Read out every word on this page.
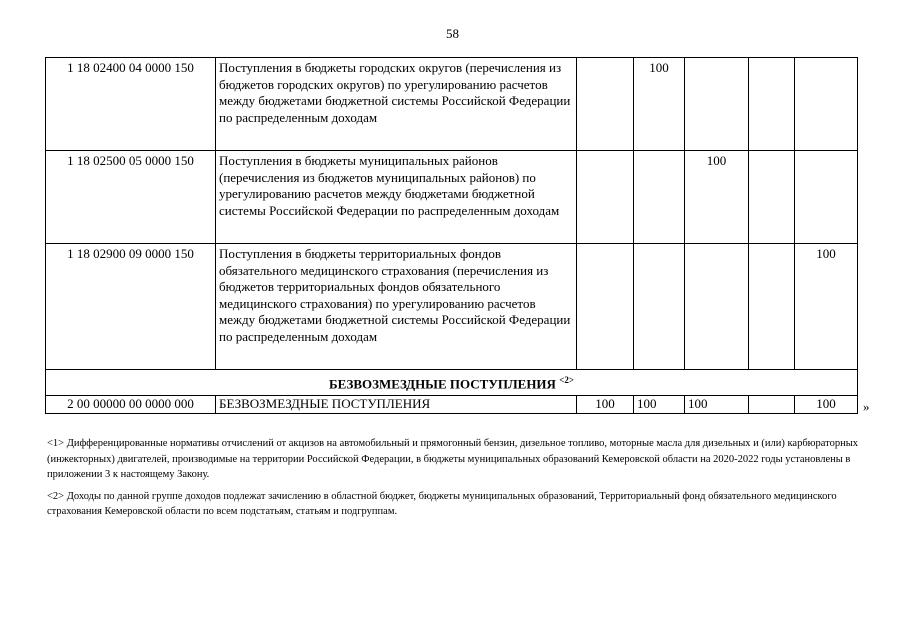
58
1 18 02400 04 0000 150	Поступления в бюджеты городских округов (перечисления из бюджетов городских округов) по урегулированию расчетов между бюджетами бюджетной системы Российской Федерации по распределенным доходам		100			
1 18 02500 05 0000 150	Поступления в бюджеты муниципальных районов (перечисления из бюджетов муниципальных районов) по урегулированию расчетов между бюджетами бюджетной системы Российской Федерации по распределенным доходам			100		
1 18 02900 09 0000 150	Поступления в бюджеты территориальных фондов обязательного медицинского страхования (перечисления из бюджетов территориальных фондов обязательного медицинского страхования) по урегулированию расчетов между бюджетами бюджетной системы Российской Федерации по распределенным доходам					100
БЕЗВОЗМЕЗДНЫЕ ПОСТУПЛЕНИЯ $^{<2>}$
2 00 00000 00 0000 000	БЕЗВОЗМЕЗДНЫЕ ПОСТУПЛЕНИЯ	100	100	100		100 »

<1> Дифференцированные нормативы отчислений от акцизов на автомобильный и прямогонный бензин, дизельное топливо, моторные масла для дизельных и (или) карбюраторных (инжекторных) двигателей, производимые на территории Российской Федерации, в бюджеты муниципальных образований Кемеровской области на 2020-2022 годы установлены в приложении 3 к настоящему Закону.

<2> Доходы по данной группе доходов подлежат зачислению в областной бюджет, бюджеты муниципальных образований, Территориальный фонд обязательного медицинского страхования Кемеровской области по всем подстатьям, статьям и подгруппам.
